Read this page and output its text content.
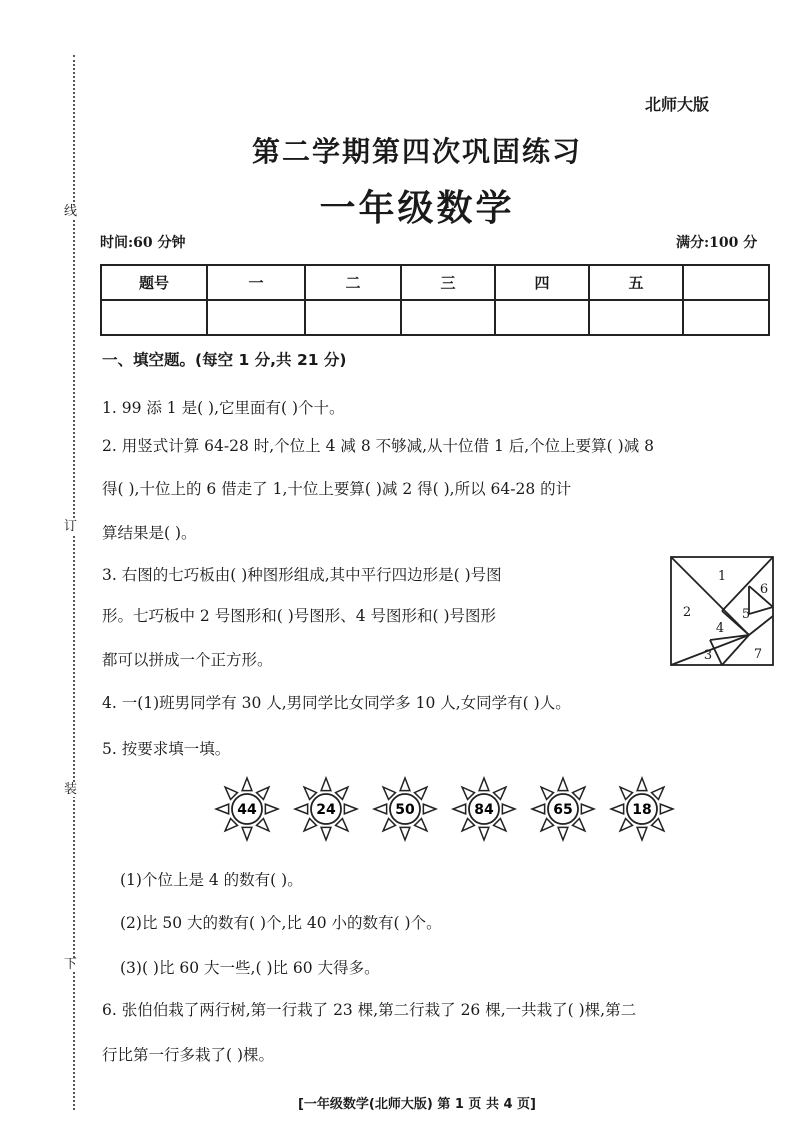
线
订
装
下
北师大版
第二学期第四次巩固练习
一年级数学
时间:60 分钟	满分:100 分
题号	一	二	三	四	五	

一、填空题。(每空 1 分,共 21 分)
1. 99 添 1 是( ),它里面有( )个十。
2. 用竖式计算 64-28 时,个位上 4 减 8 不够减,从十位借 1 后,个位上要算( )减 8
得( ),十位上的 6 借走了 1,十位上要算( )减 2 得( ),所以 64-28 的计
算结果是( )。
3. 右图的七巧板由( )种图形组成,其中平行四边形是( )号图
形。七巧板中 2 号图形和( )号图形、4 号图形和( )号图形
都可以拼成一个正方形。
1
2
3
4
5
6
7
4. 一(1)班男同学有 30 人,男同学比女同学多 10 人,女同学有( )人。
5. 按要求填一填。
44	24	50	84	65	18
(1)个位上是 4 的数有( )。
(2)比 50 大的数有( )个,比 40 小的数有( )个。
(3)( )比 60 大一些,( )比 60 大得多。
6. 张伯伯栽了两行树,第一行栽了 23 棵,第二行栽了 26 棵,一共栽了( )棵,第二
行比第一行多栽了( )棵。
[一年级数学(北师大版) 第 1 页 共 4 页]
